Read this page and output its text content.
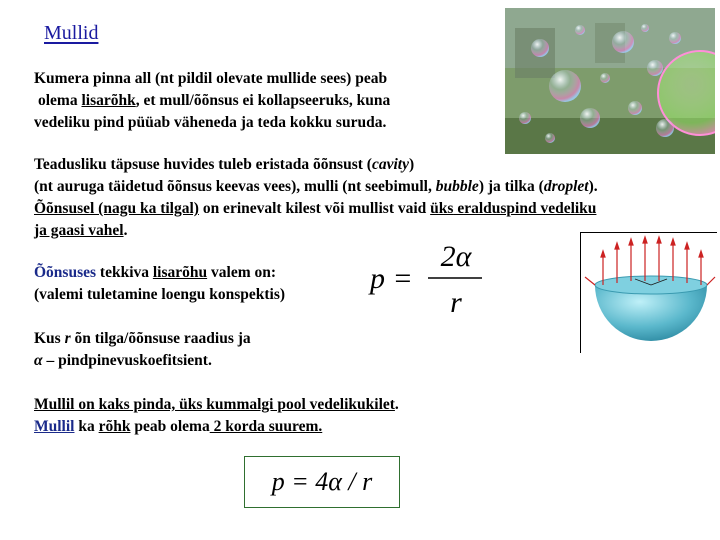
Mullid
Kumera pinna all (nt pildil olevate mullide sees) peab
olema lisarõhk, et mull/õõnsus ei kollapseeruks, kuna
vedeliku pind püüab väheneda ja teda kokku suruda.
Teadusliku täpsuse huvides tuleb eristada õõnsust (cavity)
(nt auruga täidetud õõnsus keevas vees), mulli (nt seebimull, bubble) ja tilka (droplet).
Õõnsusel (nagu ka tilgal) on erinevalt kilest või mullist vaid üks eralduspind vedeliku
ja gaasi vahel.
Õõnsuses tekkiva lisarõhu valem on:
(valemi tuletamine loengu konspektis)	p =
2α
r
Kus r õn tilga/õõnsuse raadius ja
α – pindpinevuskoefitsient.
Mullil on kaks pinda, üks kummalgi pool vedelikukilet.
Mullil ka rõhk peab olema 2 korda suurem.
p = 4α / r
